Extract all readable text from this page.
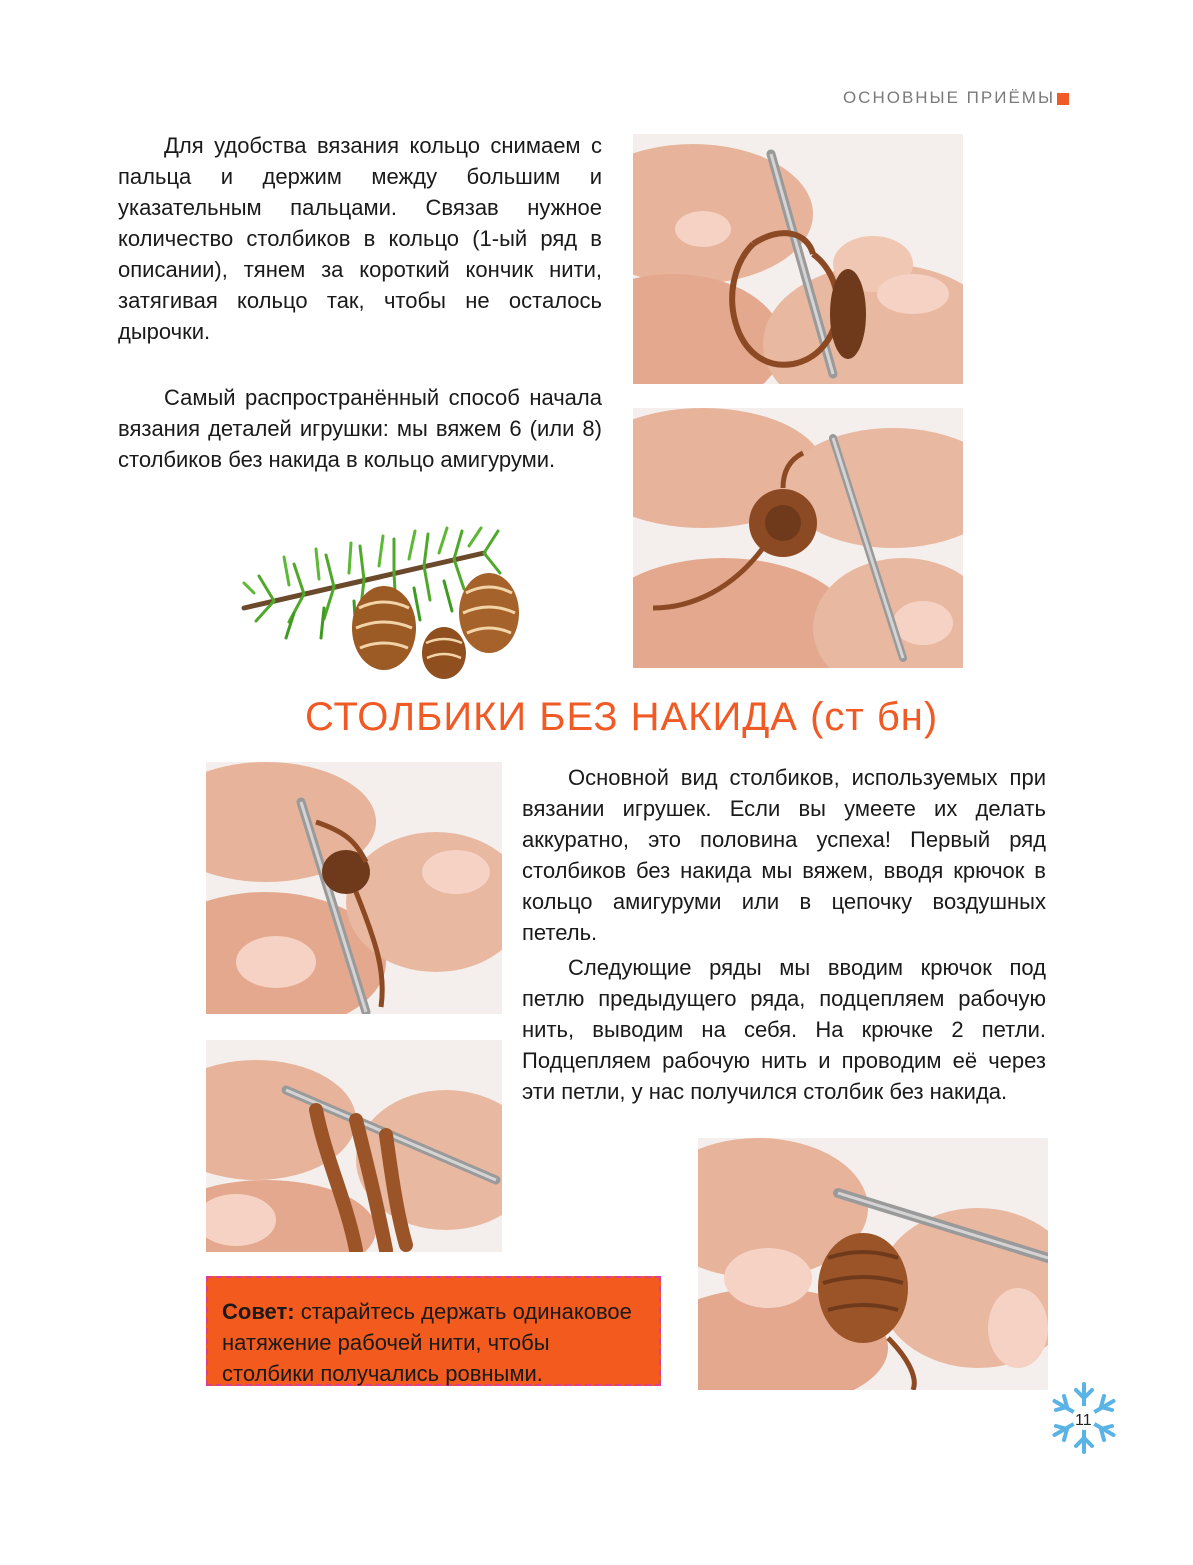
ОСНОВНЫЕ ПРИЁМЫ

Для удобства вязания кольцо снимаем с пальца и держим между большим и указательным пальцами. Связав нужное количество столбиков в кольцо (1-ый ряд в описании), тянем за короткий кончик нити, затягивая кольцо так, чтобы не осталось дырочки.

Самый распространённый способ начала вязания деталей игрушки: мы вяжем 6 (или 8) столбиков без накида в кольцо амигуруми.

СТОЛБИКИ БЕЗ НАКИДА (ст бн)

Основной вид столбиков, используемых при вязании игрушек. Если вы умеете их делать аккуратно, это половина успеха! Первый ряд столбиков без накида мы вяжем, вводя крючок в кольцо амигуруми или в цепочку воздушных петель.

Следующие ряды мы вводим крючок под петлю предыдущего ряда, подцепляем рабочую нить, выводим на себя. На крючке 2 петли. Подцепляем рабочую нить и проводим её через эти петли, у нас получился столбик без накида.

Совет: старайтесь держать одинаковое натяжение рабочей нити, чтобы столбики получались ровными.

11
